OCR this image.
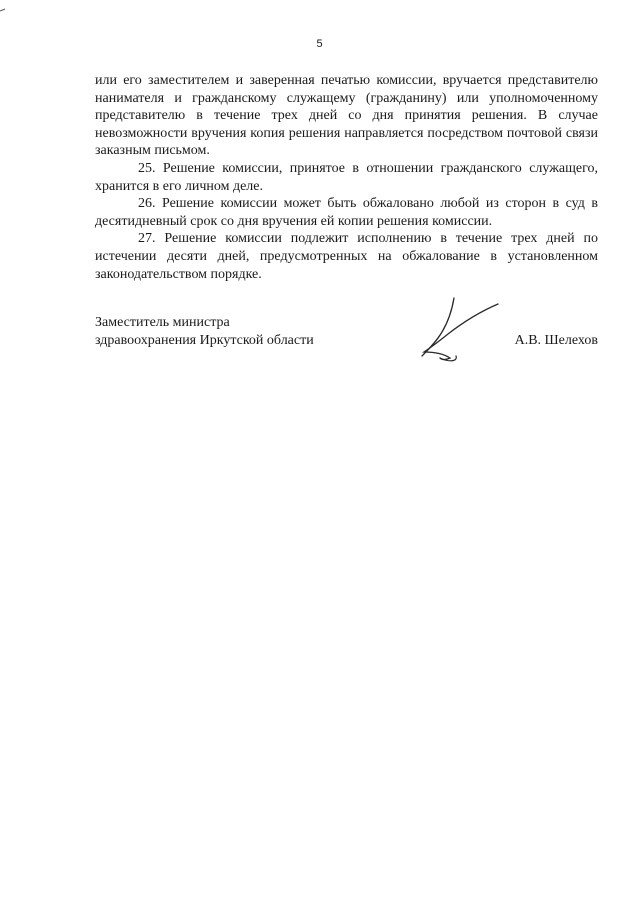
5

или его заместителем и заверенная печатью комиссии, вручается представителю нанимателя и гражданскому служащему (гражданину) или уполномоченному представителю в течение трех дней со дня принятия решения. В случае невозможности вручения копия решения направляется посредством почтовой связи заказным письмом.

25. Решение комиссии, принятое в отношении гражданского служащего, хранится в его личном деле.

26. Решение комиссии может быть обжаловано любой из сторон в суд в десятидневный срок со дня вручения ей копии решения комиссии.

27. Решение комиссии подлежит исполнению в течение трех дней по истечении десяти дней, предусмотренных на обжалование в установленном законодательством порядке.

Заместитель министра
здравоохранения Иркутской области	А.В. Шелехов
